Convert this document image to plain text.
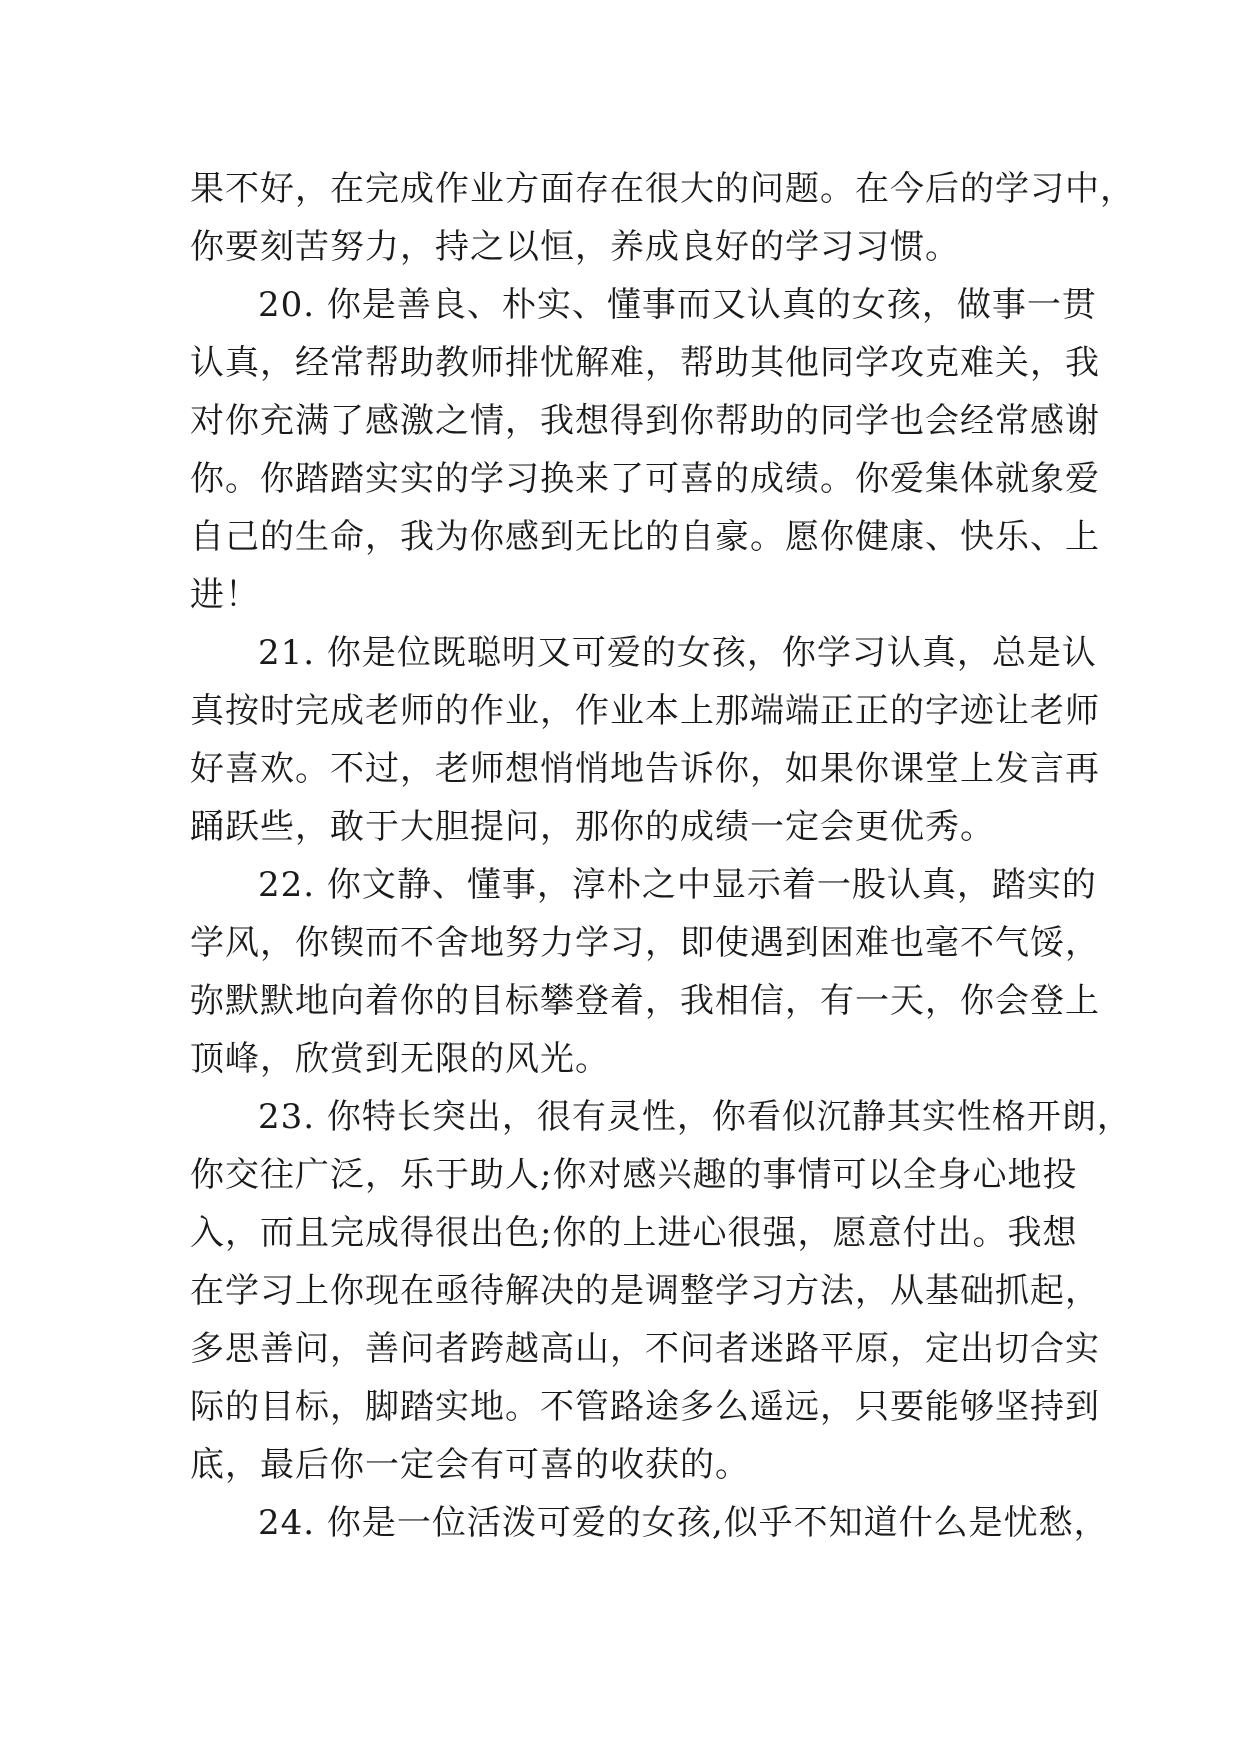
果不好，在完成作业方面存在很大的问题。在今后的学习中，
你要刻苦努力，持之以恒，养成良好的学习习惯。
20. 你是善良、朴实、懂事而又认真的女孩，做事一贯
认真，经常帮助教师排忧解难，帮助其他同学攻克难关，我
对你充满了感激之情，我想得到你帮助的同学也会经常感谢
你。你踏踏实实的学习换来了可喜的成绩。你爱集体就象爱
自己的生命，我为你感到无比的自豪。愿你健康、快乐、上
进！
21. 你是位既聪明又可爱的女孩，你学习认真，总是认
真按时完成老师的作业，作业本上那端端正正的字迹让老师
好喜欢。不过，老师想悄悄地告诉你，如果你课堂上发言再
踊跃些，敢于大胆提问，那你的成绩一定会更优秀。
22. 你文静、懂事，淳朴之中显示着一股认真，踏实的
学风，你锲而不舍地努力学习，即使遇到困难也毫不气馁，
弥默默地向着你的目标攀登着，我相信，有一天，你会登上
顶峰，欣赏到无限的风光。
23. 你特长突出，很有灵性，你看似沉静其实性格开朗，
你交往广泛，乐于助人;你对感兴趣的事情可以全身心地投
入，而且完成得很出色;你的上进心很强，愿意付出。我想
在学习上你现在亟待解决的是调整学习方法，从基础抓起，
多思善问，善问者跨越高山，不问者迷路平原，定出切合实
际的目标，脚踏实地。不管路途多么遥远，只要能够坚持到
底，最后你一定会有可喜的收获的。
24. 你是一位活泼可爱的女孩,似乎不知道什么是忧愁，
